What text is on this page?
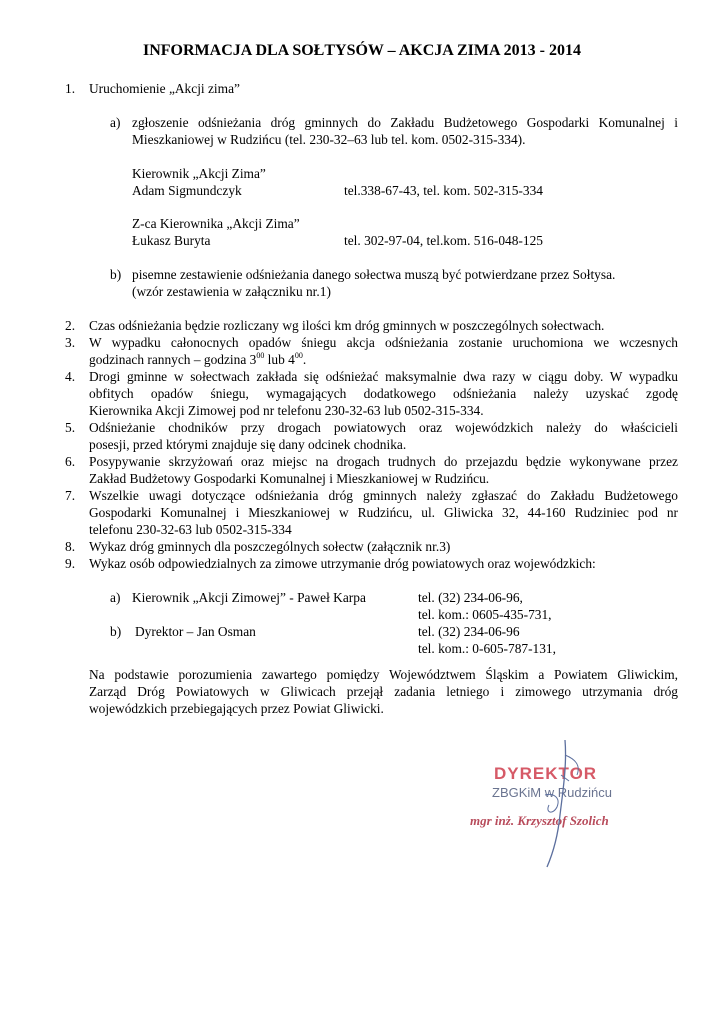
INFORMACJA DLA SOŁTYSÓW – AKCJA ZIMA 2013 - 2014
1. Uruchomienie „Akcji zima”
a) zgłoszenie odśnieżania dróg gminnych do Zakładu Budżetowego Gospodarki Komunalnej i
Mieszkaniowej w Rudzińcu (tel. 230-32–63 lub tel. kom. 0502-315-334).
Kierownik „Akcji Zima”
Adam Sigmundczyk	tel.338-67-43, tel. kom. 502-315-334
Z-ca Kierownika „Akcji Zima”
Łukasz Buryta	tel. 302-97-04, tel.kom. 516-048-125
b) pisemne zestawienie odśnieżania danego sołectwa muszą być potwierdzane przez Sołtysa.
(wzór zestawienia w załączniku nr.1)
2. Czas odśnieżania będzie rozliczany wg ilości km dróg gminnych w poszczególnych sołectwach.
3. W wypadku całonocnych opadów śniegu akcja odśnieżania zostanie uruchomiona we wczesnych
godzinach rannych – godzina $3^{00}$ lub $4^{00}$.
4. Drogi gminne w sołectwach zakłada się odśnieżać maksymalnie dwa razy w ciągu doby. W wypadku
obfitych opadów śniegu, wymagających dodatkowego odśnieżania należy uzyskać zgodę
Kierownika Akcji Zimowej pod nr telefonu 230-32-63 lub 0502-315-334.
5. Odśnieżanie chodników przy drogach powiatowych oraz wojewódzkich należy do właścicieli
posesji, przed którymi znajduje się dany odcinek chodnika.
6. Posypywanie skrzyżowań oraz miejsc na drogach trudnych do przejazdu będzie wykonywane przez
Zakład Budżetowy Gospodarki Komunalnej i Mieszkaniowej w Rudzińcu.
7. Wszelkie uwagi dotyczące odśnieżania dróg gminnych należy zgłaszać do Zakładu Budżetowego
Gospodarki Komunalnej i Mieszkaniowej w Rudzińcu, ul. Gliwicka 32, 44-160 Rudziniec pod nr
telefonu 230-32-63 lub 0502-315-334
8. Wykaz dróg gminnych dla poszczególnych sołectw (załącznik nr.3)
9. Wykaz osób odpowiedzialnych za zimowe utrzymanie dróg powiatowych oraz wojewódzkich:
a) Kierownik „Akcji Zimowej” - Paweł Karpa	tel. (32) 234-06-96,
tel. kom.: 0605-435-731,
b) Dyrektor – Jan Osman	tel. (32) 234-06-96
tel. kom.: 0-605-787-131,
Na podstawie porozumienia zawartego pomiędzy Województwem Śląskim a Powiatem Gliwickim,
Zarząd Dróg Powiatowych w Gliwicach przejął zadania letniego i zimowego utrzymania dróg
wojewódzkich przebiegających przez Powiat Gliwicki.
DYREKTOR
ZBGKiM w Rudzińcu
mgr inż. Krzysztof Szolich
